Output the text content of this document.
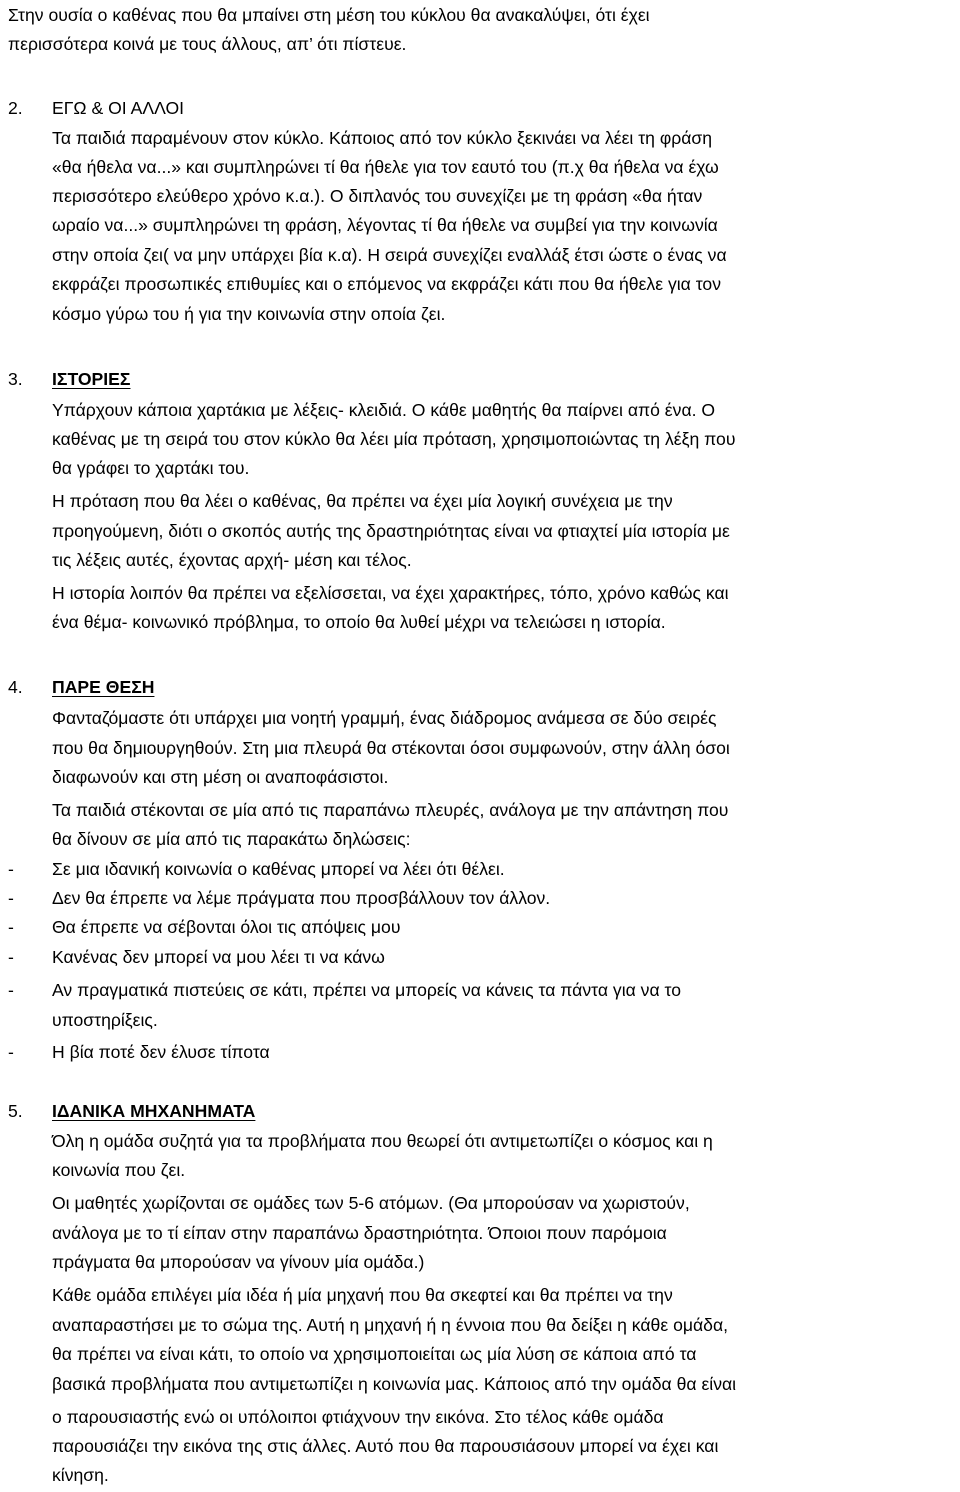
Στην ουσία ο καθένας που θα μπαίνει στη μέση του κύκλου θα ανακαλύψει, ότι έχει
περισσότερα κοινά με τους άλλους, απ’ ότι πίστευε.
2. ΕΓΩ & ΟΙ ΑΛΛΟΙ
Τα παιδιά παραμένουν στον κύκλο. Κάποιος από τον κύκλο ξεκινάει να λέει τη φράση
«θα ήθελα να...» και συμπληρώνει τί θα ήθελε για τον εαυτό του (π.χ θα ήθελα να έχω
περισσότερο ελεύθερο χρόνο κ.α.). Ο διπλανός του συνεχίζει με τη φράση «θα ήταν
ωραίο να...» συμπληρώνει τη φράση, λέγοντας τί θα ήθελε να συμβεί για την κοινωνία
στην οποία ζει( να μην υπάρχει βία κ.α). Η σειρά συνεχίζει εναλλάξ έτσι ώστε ο ένας να
εκφράζει προσωπικές επιθυμίες και ο επόμενος να εκφράζει κάτι που θα ήθελε για τον
κόσμο γύρω του ή για την κοινωνία στην οποία ζει.
3. ΙΣΤΟΡΙΕΣ
Υπάρχουν κάποια χαρτάκια με λέξεις- κλειδιά. Ο κάθε μαθητής θα παίρνει από ένα. Ο
καθένας με τη σειρά του στον κύκλο θα λέει μία πρόταση, χρησιμοποιώντας τη λέξη που
θα γράφει το χαρτάκι του.
Η πρόταση που θα λέει ο καθένας, θα πρέπει να έχει μία λογική συνέχεια με την
προηγούμενη, διότι ο σκοπός αυτής της δραστηριότητας είναι να φτιαχτεί μία ιστορία με
τις λέξεις αυτές, έχοντας αρχή- μέση και τέλος.
Η ιστορία λοιπόν θα πρέπει να εξελίσσεται, να έχει χαρακτήρες, τόπο, χρόνο καθώς και
ένα θέμα- κοινωνικό πρόβλημα, το οποίο θα λυθεί μέχρι να τελειώσει η ιστορία.
4. ΠΑΡΕ ΘΕΣΗ
Φανταζόμαστε ότι υπάρχει μια νοητή γραμμή, ένας διάδρομος ανάμεσα σε δύο σειρές
που θα δημιουργηθούν. Στη μια πλευρά θα στέκονται όσοι συμφωνούν, στην άλλη όσοι
διαφωνούν και στη μέση οι αναποφάσιστοι.
Τα παιδιά στέκονται σε μία από τις παραπάνω πλευρές, ανάλογα με την απάντηση που
θα δίνουν σε μία από τις παρακάτω δηλώσεις:
- Σε μια ιδανική κοινωνία ο καθένας μπορεί να λέει ότι θέλει.
- Δεν θα έπρεπε να λέμε πράγματα που προσβάλλουν τον άλλον.
- Θα έπρεπε να σέβονται όλοι τις απόψεις μου
- Κανένας δεν μπορεί να μου λέει τι να κάνω
- Αν πραγματικά πιστεύεις σε κάτι, πρέπει να μπορείς να κάνεις τα πάντα για να το
υποστηρίξεις.
- Η βία ποτέ δεν έλυσε τίποτα
5. ΙΔΑΝΙΚΑ ΜΗΧΑΝΗΜΑΤΑ
Όλη η ομάδα συζητά για τα προβλήματα που θεωρεί ότι αντιμετωπίζει ο κόσμος και η
κοινωνία που ζει.
Οι μαθητές χωρίζονται σε ομάδες των 5-6 ατόμων. (Θα μπορούσαν να χωριστούν,
ανάλογα με το τί είπαν στην παραπάνω δραστηριότητα. Όποιοι πουν παρόμοια
πράγματα θα μπορούσαν να γίνουν μία ομάδα.)
Κάθε ομάδα επιλέγει μία ιδέα ή μία μηχανή που θα σκεφτεί και θα πρέπει να την
αναπαραστήσει με το σώμα της. Αυτή η μηχανή ή η έννοια που θα δείξει η κάθε ομάδα,
θα πρέπει να είναι κάτι, το οποίο να χρησιμοποιείται ως μία λύση σε κάποια από τα
βασικά προβλήματα που αντιμετωπίζει η κοινωνία μας. Κάποιος από την ομάδα θα είναι
ο παρουσιαστής ενώ οι υπόλοιποι φτιάχνουν την εικόνα. Στο τέλος κάθε ομάδα
παρουσιάζει την εικόνα της στις άλλες. Αυτό που θα παρουσιάσουν μπορεί να έχει και
κίνηση.
